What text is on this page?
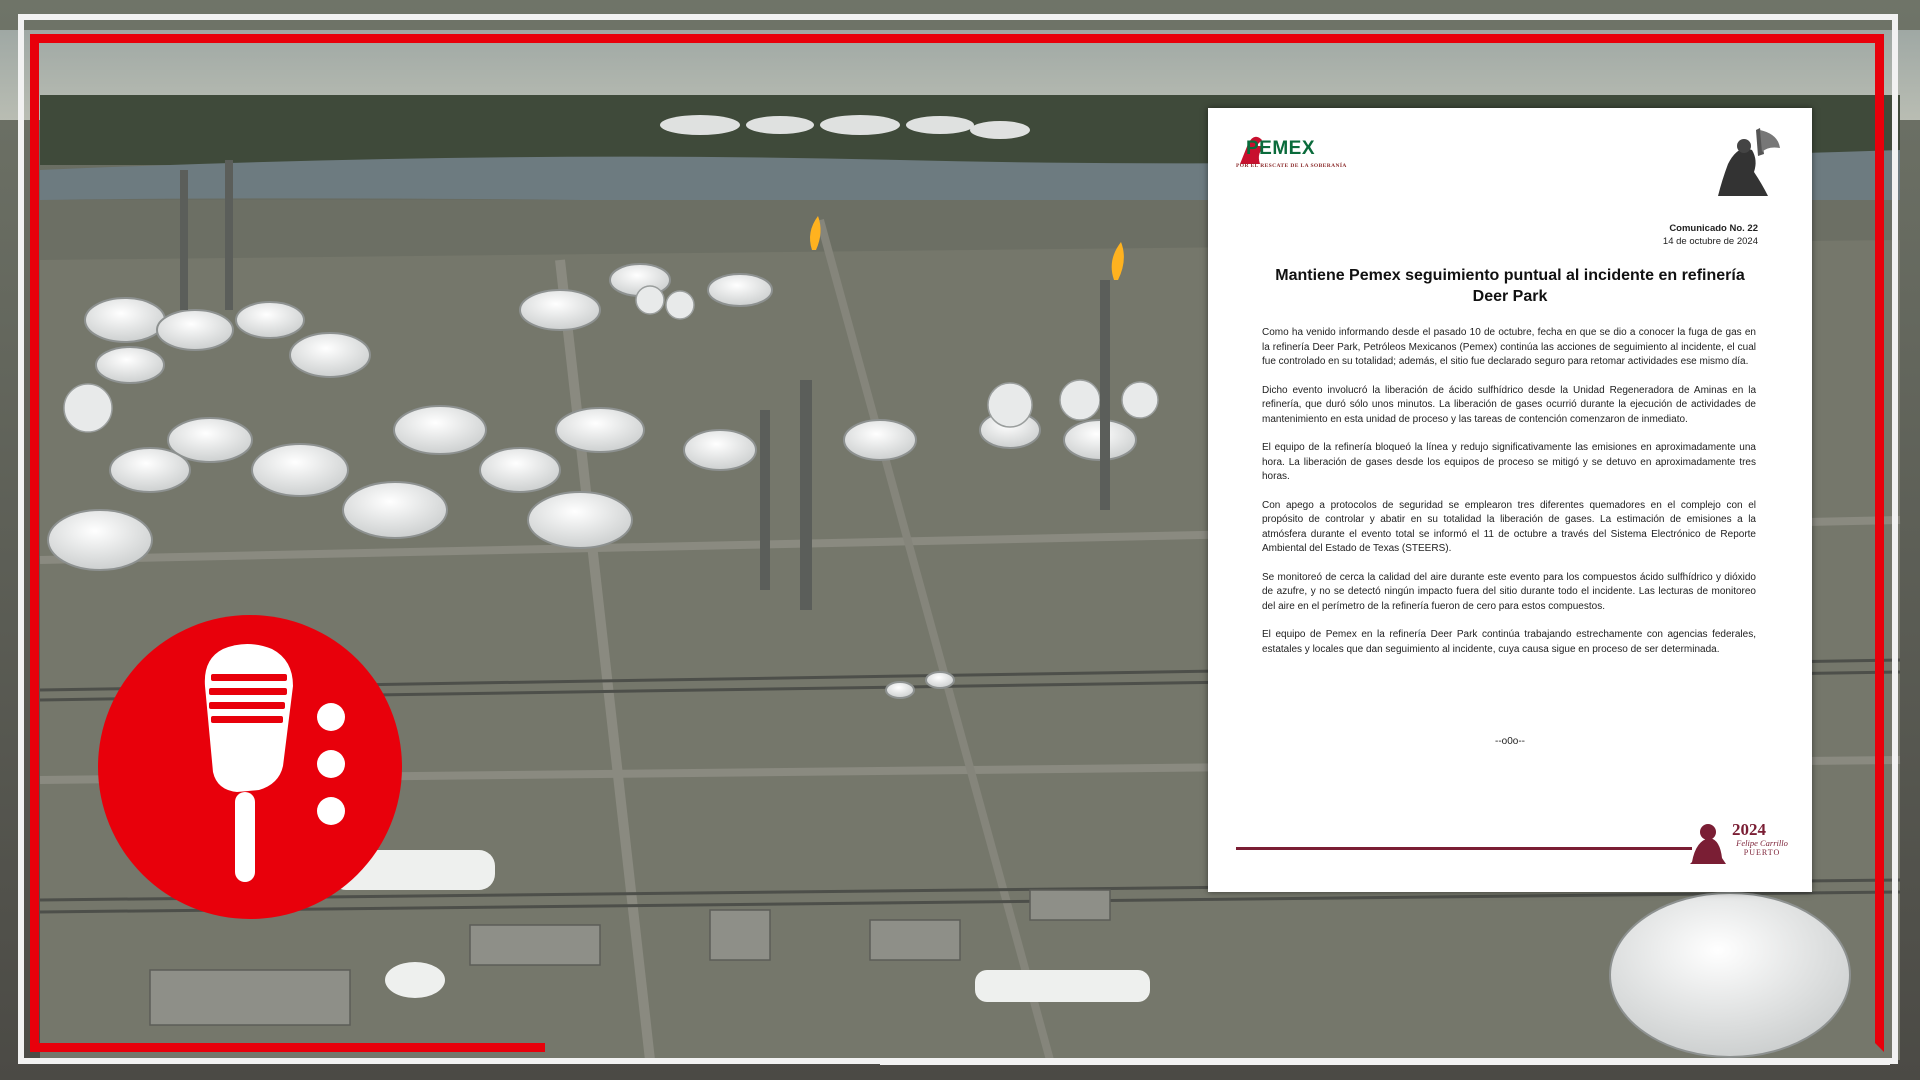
PEMEX
POR EL RESCATE DE LA SOBERANÍA
Comunicado No. 22
14 de octubre de 2024
Mantiene Pemex seguimiento puntual al incidente en refinería Deer Park

Como ha venido informando desde el pasado 10 de octubre, fecha en que se dio a conocer la fuga de gas en la refinería Deer Park, Petróleos Mexicanos (Pemex) continúa las acciones de seguimiento al incidente, el cual fue controlado en su totalidad; además, el sitio fue declarado seguro para retomar actividades ese mismo día.

Dicho evento involucró la liberación de ácido sulfhídrico desde la Unidad Regeneradora de Aminas en la refinería, que duró sólo unos minutos. La liberación de gases ocurrió durante la ejecución de actividades de mantenimiento en esta unidad de proceso y las tareas de contención comenzaron de inmediato.

El equipo de la refinería bloqueó la línea y redujo significativamente las emisiones en aproximadamente una hora. La liberación de gases desde los equipos de proceso se mitigó y se detuvo en aproximadamente tres horas.

Con apego a protocolos de seguridad se emplearon tres diferentes quemadores en el complejo con el propósito de controlar y abatir en su totalidad la liberación de gases. La estimación de emisiones a la atmósfera durante el evento total se informó el 11 de octubre a través del Sistema Electrónico de Reporte Ambiental del Estado de Texas (STEERS).

Se monitoreó de cerca la calidad del aire durante este evento para los compuestos ácido sulfhídrico y dióxido de azufre, y no se detectó ningún impacto fuera del sitio durante todo el incidente. Las lecturas de monitoreo del aire en el perímetro de la refinería fueron de cero para estos compuestos.

El equipo de Pemex en la refinería Deer Park continúa trabajando estrechamente con agencias federales, estatales y locales que dan seguimiento al incidente, cuya causa sigue en proceso de ser determinada.

--o0o--
2024
Felipe Carrillo
PUERTO
